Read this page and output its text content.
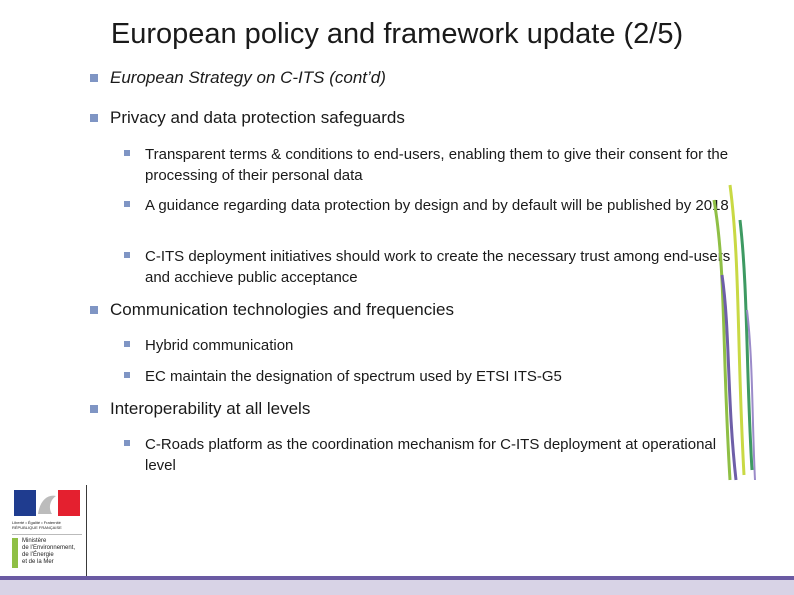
European policy and framework update (2/5)
European Strategy on C-ITS (cont’d)
Privacy and data protection safeguards
Transparent terms & conditions to end-users, enabling them to give their consent for the processing of their personal data
A guidance regarding data protection by design and by default will be published by 2018
C-ITS deployment initiatives should work to create the necessary trust among end-users and acchieve public acceptance
Communication technologies and frequencies
Hybrid communication
EC maintain the designation of spectrum used by ETSI ITS-G5
Interoperability at all levels
C-Roads platform as the coordination mechanism for C-ITS deployment at operational level
Liberté • Égalité • Fraternité RÉPUBLIQUE FRANÇAISE
Ministère
de l’Environnement,
de l’Énergie
et de la Mer
